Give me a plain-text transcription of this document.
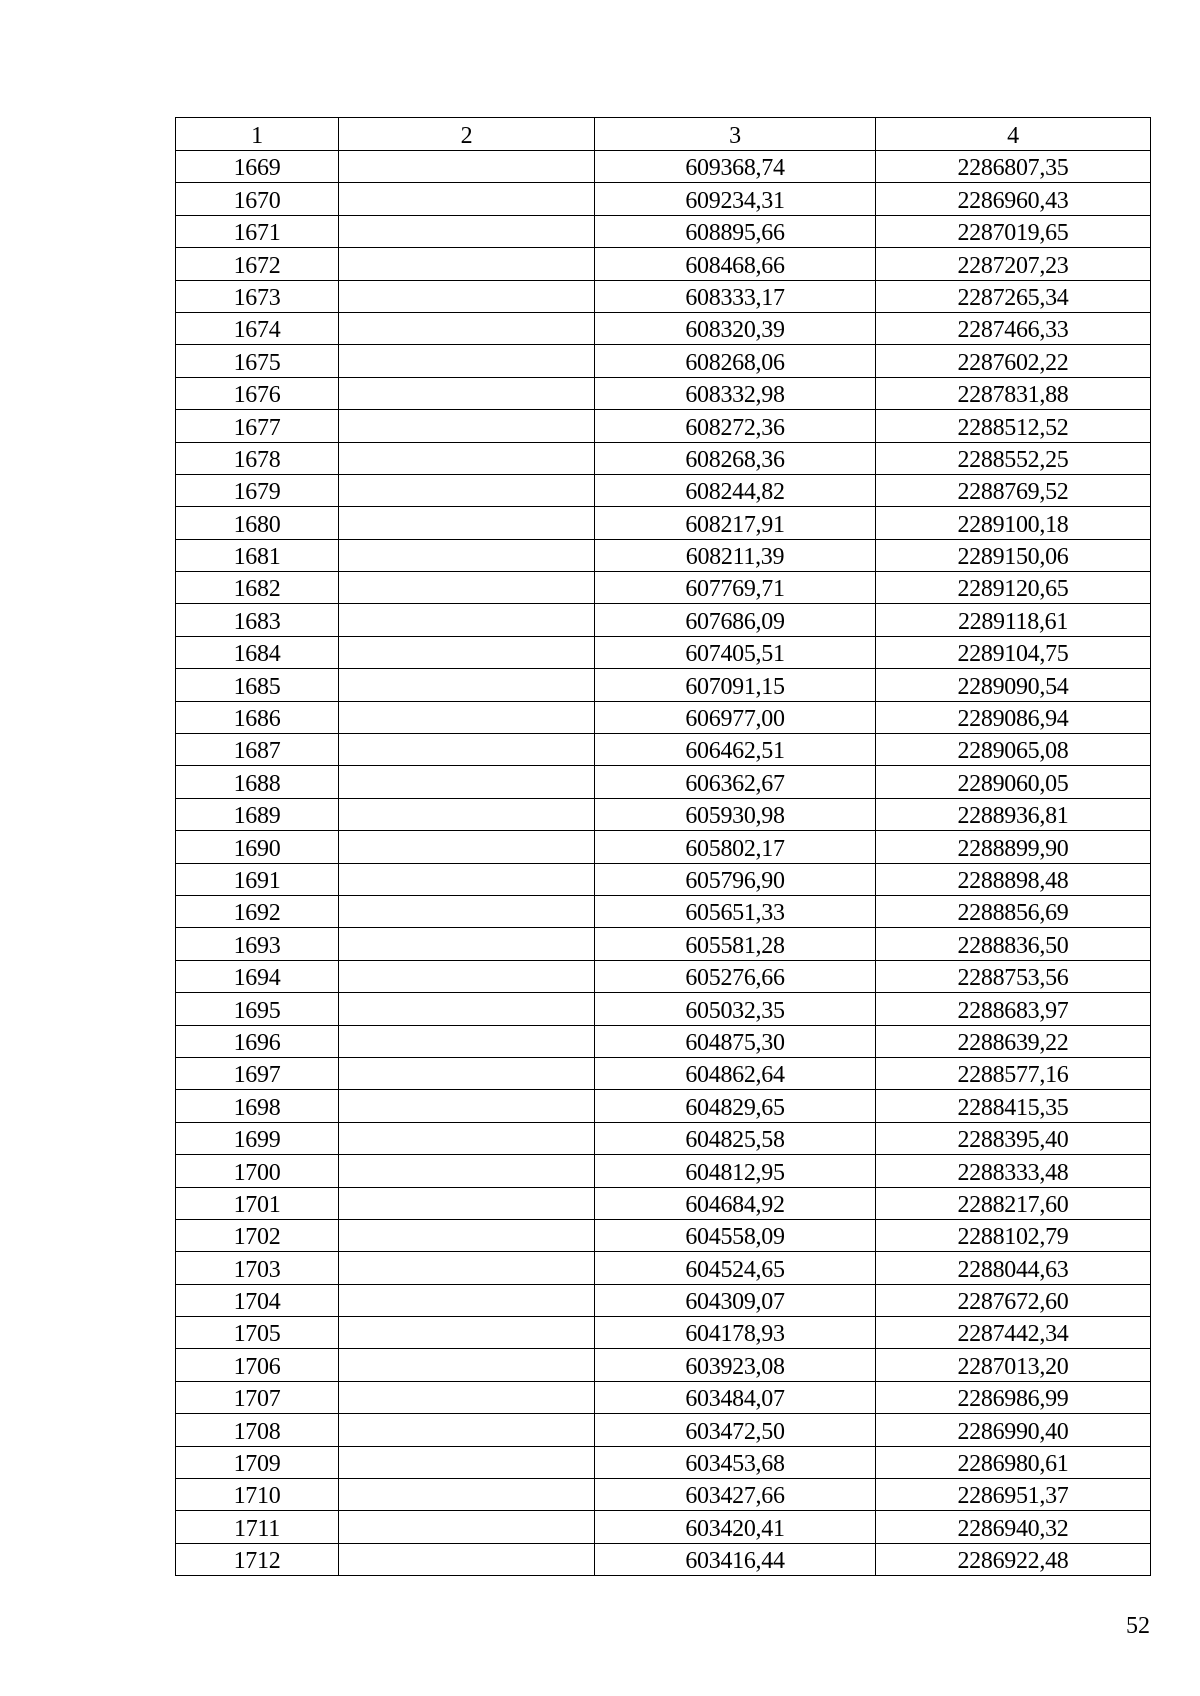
1	2	3	4
1669		609368,74	2286807,35
1670		609234,31	2286960,43
1671		608895,66	2287019,65
1672		608468,66	2287207,23
1673		608333,17	2287265,34
1674		608320,39	2287466,33
1675		608268,06	2287602,22
1676		608332,98	2287831,88
1677		608272,36	2288512,52
1678		608268,36	2288552,25
1679		608244,82	2288769,52
1680		608217,91	2289100,18
1681		608211,39	2289150,06
1682		607769,71	2289120,65
1683		607686,09	2289118,61
1684		607405,51	2289104,75
1685		607091,15	2289090,54
1686		606977,00	2289086,94
1687		606462,51	2289065,08
1688		606362,67	2289060,05
1689		605930,98	2288936,81
1690		605802,17	2288899,90
1691		605796,90	2288898,48
1692		605651,33	2288856,69
1693		605581,28	2288836,50
1694		605276,66	2288753,56
1695		605032,35	2288683,97
1696		604875,30	2288639,22
1697		604862,64	2288577,16
1698		604829,65	2288415,35
1699		604825,58	2288395,40
1700		604812,95	2288333,48
1701		604684,92	2288217,60
1702		604558,09	2288102,79
1703		604524,65	2288044,63
1704		604309,07	2287672,60
1705		604178,93	2287442,34
1706		603923,08	2287013,20
1707		603484,07	2286986,99
1708		603472,50	2286990,40
1709		603453,68	2286980,61
1710		603427,66	2286951,37
1711		603420,41	2286940,32
1712		603416,44	2286922,48
52
